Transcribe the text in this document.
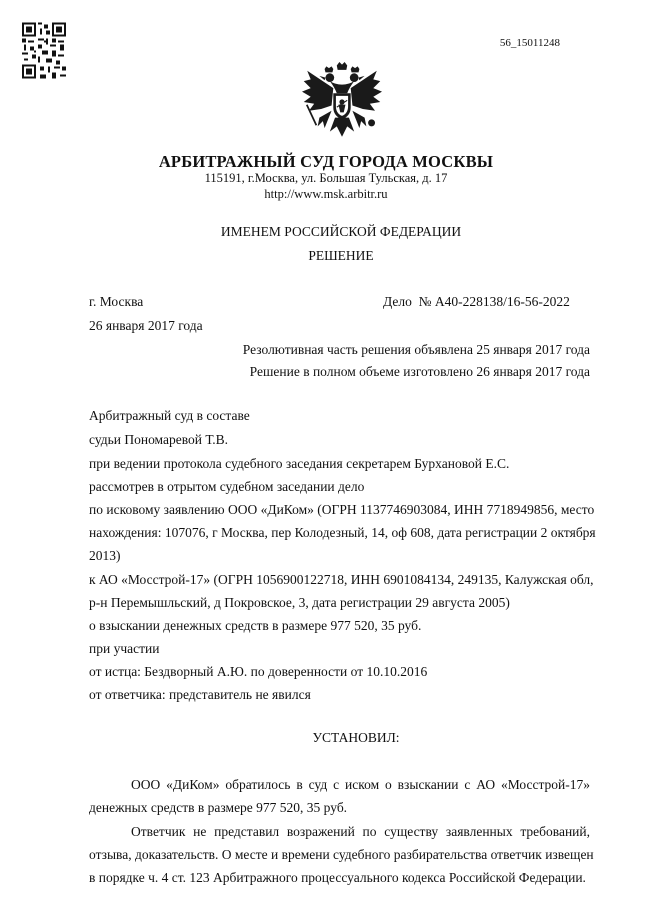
56_15011248
АРБИТРАЖНЫЙ СУД ГОРОДА МОСКВЫ
115191, г.Москва, ул. Большая Тульская, д. 17
http://www.msk.arbitr.ru
ИМЕНЕМ РОССИЙСКОЙ ФЕДЕРАЦИИ
РЕШЕНИЕ
г. Москва	Дело  № А40-228138/16-56-2022
26 января 2017 года
Резолютивная часть решения объявлена 25 января 2017 года
Решение в полном объеме изготовлено 26 января 2017 года
Арбитражный суд в составе
судьи Пономаревой Т.В.
при ведении протокола судебного заседания секретарем Бурхановой Е.С.
рассмотрев в отрытом судебном заседании дело
по исковому заявлению ООО «ДиКом» (ОГРН 1137746903084, ИНН 7718949856, место
нахождения: 107076, г Москва, пер Колодезный, 14, оф 608, дата регистрации 2 октября
2013)
к АО «Мосстрой-17» (ОГРН 1056900122718, ИНН 6901084134, 249135, Калужская обл,
р-н Перемышльский, д Покровское, 3, дата регистрации 29 августа 2005)
о взыскании денежных средств в размере 977 520, 35 руб.
при участии
от истца: Бездворный А.Ю. по доверенности от 10.10.2016
от ответчика: представитель не явился
УСТАНОВИЛ:
ООО «ДиКом» обратилось в суд с иском о взыскании с АО «Мосстрой-17»
денежных средств в размере 977 520, 35 руб.
Ответчик не представил возражений по существу заявленных требований,
отзыва, доказательств. О месте и времени судебного разбирательства ответчик извещен
в порядке ч. 4 ст. 123 Арбитражного процессуального кодекса Российской Федерации.
